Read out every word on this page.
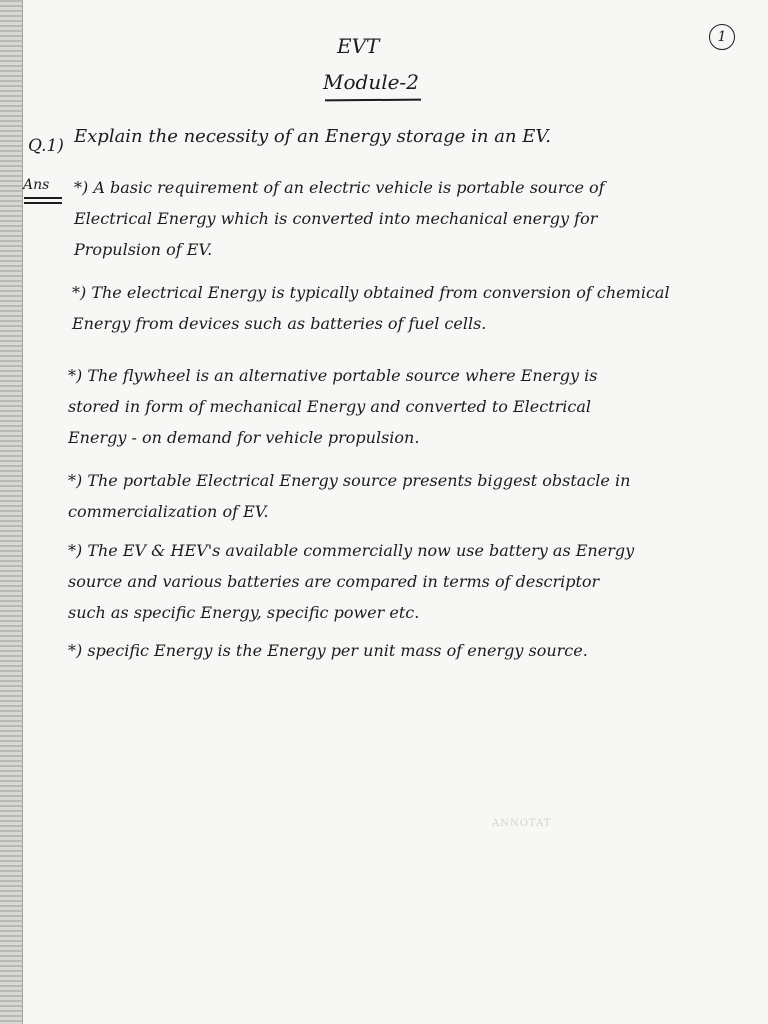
1
EVT
Module-2
Q.1) Explain the necessity of an Energy storage in an EV.
Ans *) A basic requirement of an electric vehicle is portable source of
Electrical Energy which is converted into mechanical energy for
Propulsion of EV.
*) The electrical Energy is typically obtained from conversion of chemical
Energy from devices such as batteries of fuel cells.
*) The flywheel is an alternative portable source where Energy is
stored in form of mechanical Energy and converted to Electrical
Energy - on demand for vehicle propulsion.
*) The portable Electrical Energy source presents biggest obstacle in
commercialization of EV.
*) The EV & HEV's available commercially now use battery as Energy
source and various batteries are compared in terms of descriptor
such as specific Energy, specific power etc.
*) specific Energy is the Energy per unit mass of energy source.
ANNOTAT
